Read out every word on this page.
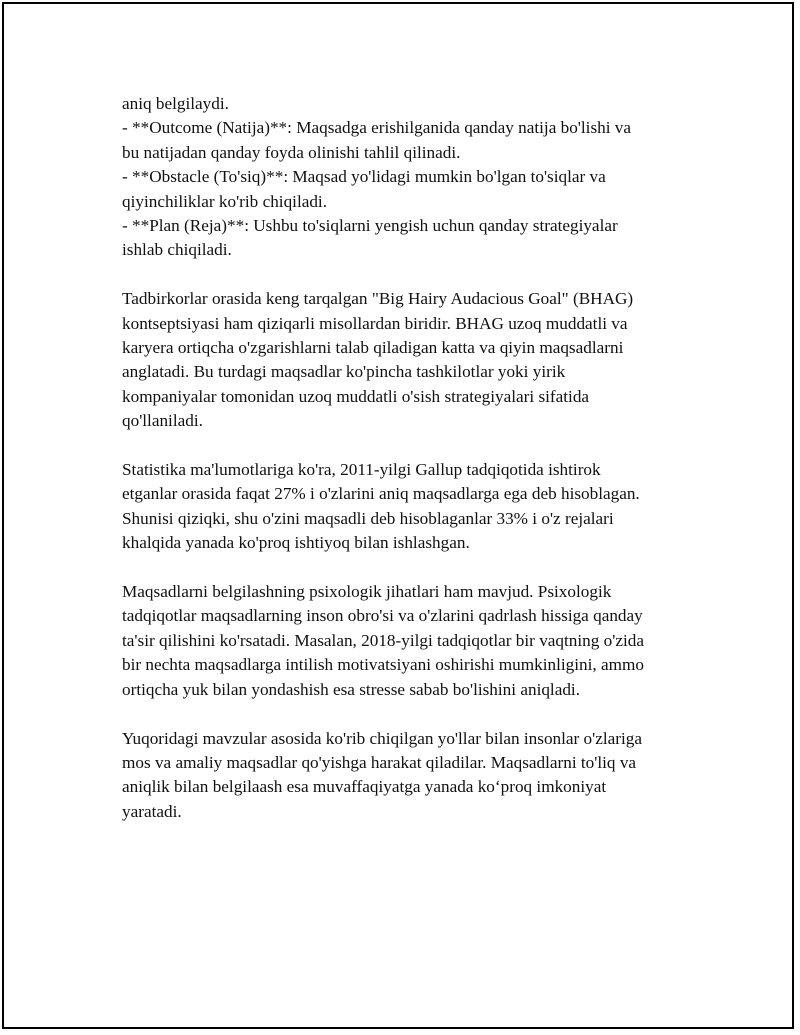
aniq belgilaydi.
- **Outcome (Natija)**: Maqsadga erishilganida qanday natija bo'lishi va
bu natijadan qanday foyda olinishi tahlil qilinadi.
- **Obstacle (To'siq)**: Maqsad yo'lidagi mumkin bo'lgan to'siqlar va
qiyinchiliklar ko'rib chiqiladi.
- **Plan (Reja)**: Ushbu to'siqlarni yengish uchun qanday strategiyalar
ishlab chiqiladi.

Tadbirkorlar orasida keng tarqalgan "Big Hairy Audacious Goal" (BHAG)
kontseptsiyasi ham qiziqarli misollardan biridir. BHAG uzoq muddatli va
karyera ortiqcha o'zgarishlarni talab qiladigan katta va qiyin maqsadlarni
anglatadi. Bu turdagi maqsadlar ko'pincha tashkilotlar yoki yirik
kompaniyalar tomonidan uzoq muddatli o'sish strategiyalari sifatida
qo'llaniladi.

Statistika ma'lumotlariga ko'ra, 2011-yilgi Gallup tadqiqotida ishtirok
etganlar orasida faqat 27% i o'zlarini aniq maqsadlarga ega deb hisoblagan.
Shunisi qiziqki, shu o'zini maqsadli deb hisoblaganlar 33% i o'z rejalari
khalqida yanada ko'proq ishtiyoq bilan ishlashgan.

Maqsadlarni belgilashning psixologik jihatlari ham mavjud. Psixologik
tadqiqotlar maqsadlarning inson obro'si va o'zlarini qadrlash hissiga qanday
ta'sir qilishini ko'rsatadi. Masalan, 2018-yilgi tadqiqotlar bir vaqtning o'zida
bir nechta maqsadlarga intilish motivatsiyani oshirishi mumkinligini, ammo
ortiqcha yuk bilan yondashish esa stresse sabab bo'lishini aniqladi.

Yuqoridagi mavzular asosida ko'rib chiqilgan yo'llar bilan insonlar o'zlariga
mos va amaliy maqsadlar qo'yishga harakat qiladilar. Maqsadlarni to'liq va
aniqlik bilan belgilaash esa muvaffaqiyatga yanada ko‘proq imkoniyat
yaratadi.
